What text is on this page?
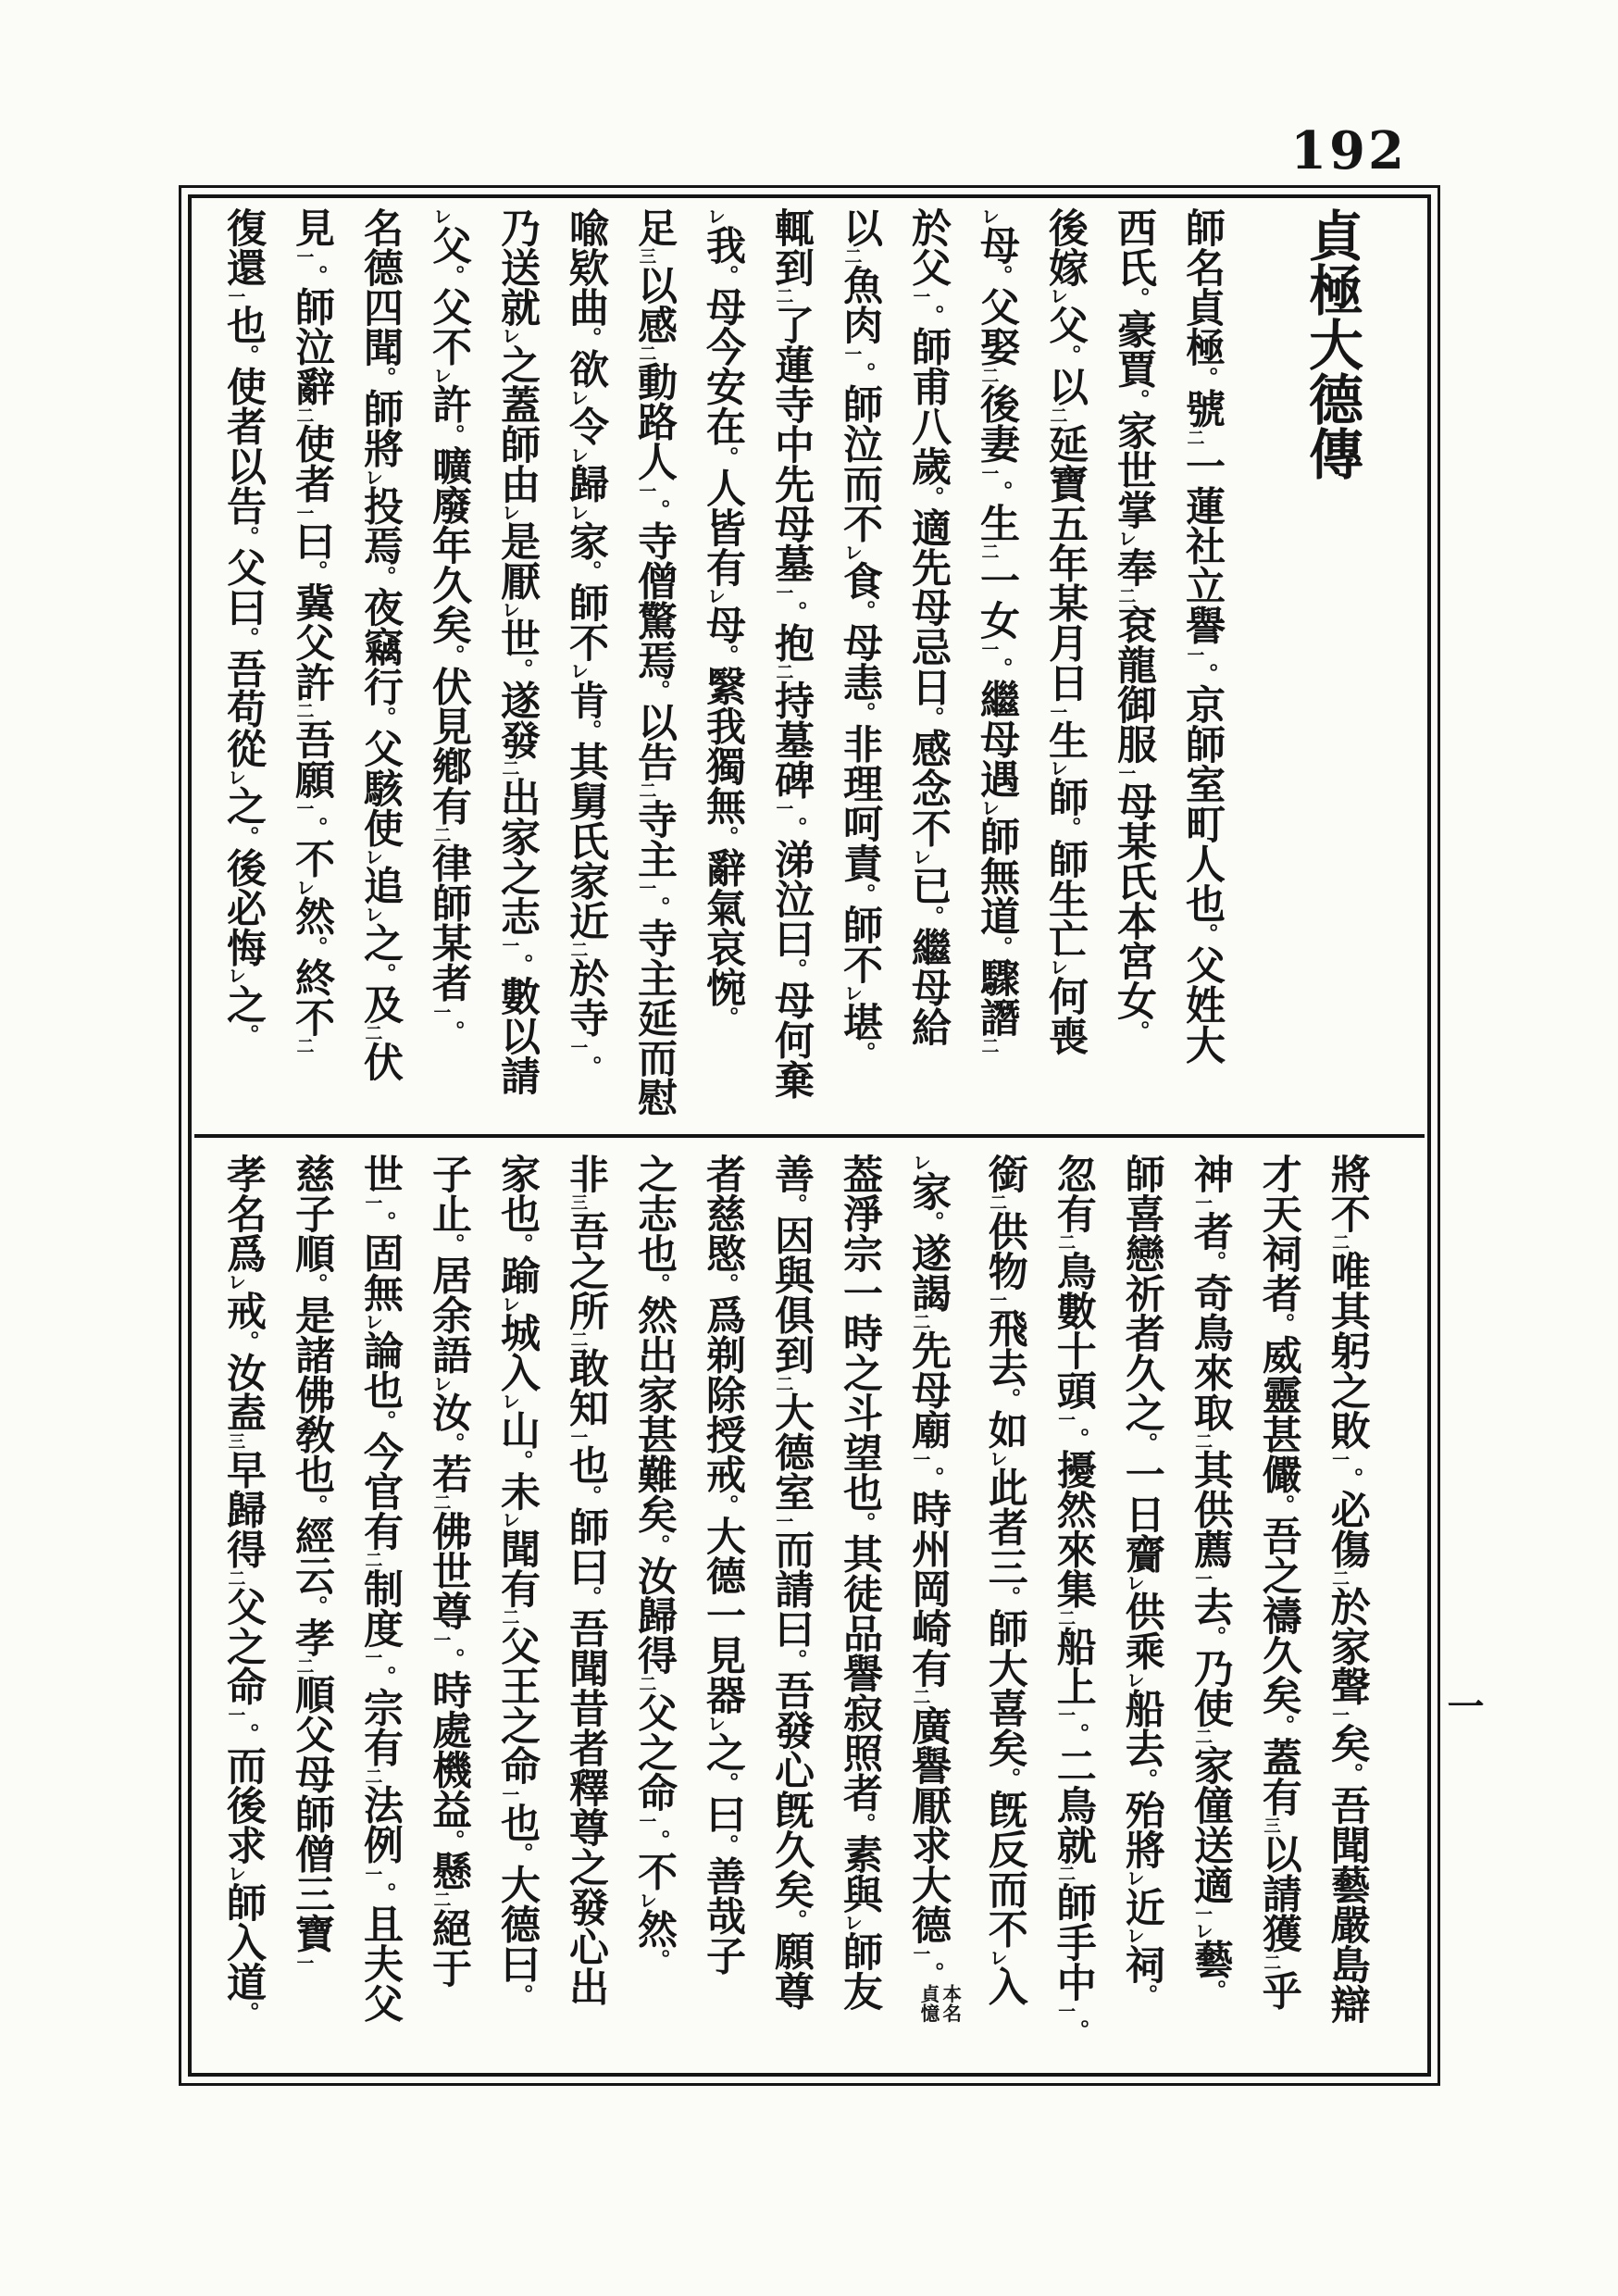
192
貞極大德傳
師名貞極。號㆓一蓮社立譽㆒。京師室町人也。父姓大
西氏。豪賈。家世掌㆑奉㆓袞龍御服㆒母某氏本宮女。
後嫁㆑父。以㆓延寶五年某月日㆒生㆑師。師生亡㆑何喪
㆑母。父娶㆓後妻㆒。生㆓一女㆒。繼母遇㆑師無道。驟譖㆓
於父㆒。師甫八歲。適先母忌日。感念不㆑已。繼母給
以㆓魚肉㆒。師泣而不㆑食。母恚。非理呵責。師不㆑堪。
輒到㆓了蓮寺中先母墓㆒。抱㆓持墓碑㆒。涕泣曰。母何棄
㆑我。母今安在。人皆有㆑母。繄我獨無。辭氣哀惋。
足㆔以感㆓動路人㆒。寺僧驚焉。以告㆓寺主㆒。寺主延而慰
喩欵曲。欲㆑令㆑歸㆑家。師不㆑肯。其舅氏家近㆓於寺㆒。
乃送就㆑之蓋師由㆑是厭㆑世。遂發㆓出家之志㆒。數以請
㆑父。父不㆑許。曠廢年久矣。伏見鄕有㆓律師某者㆒。
名德四聞。師將㆑投焉。夜竊行。父駭使㆑追㆑之。及㆓伏
見㆒。師泣辭㆓使者㆒曰。冀父許㆓吾願㆒。不㆑然。終不㆓
復還㆒也。使者以告。父曰。吾苟從㆑之。後必悔㆑之。
將不㆓唯其躬之敗㆒。必傷㆓於家聲㆒矣。吾聞藝嚴島辯
才天祠者。威靈甚儼。吾之禱久矣。蓋有㆔以請獲㆓乎
神㆒者。奇鳥來取㆓其供薦㆒去。乃使㆓家僮送適㆒㆑藝。
師喜戀祈者久之。一日齎㆑供乘㆑船去。殆將㆑近㆑祠。
忽有㆓鳥數十頭㆒。擾然來集㆓船上㆒。二鳥就㆓師手中㆒。
銜㆓供物㆒飛去。如㆑此者三。師大喜矣。旣反而不㆑入
㆑家。遂謁㆓先母廟㆒。時州岡崎有㆓廣譽厭求大德㆒。
本名
貞憶
葢淨宗一時之斗望也。其徒品譽寂照者。素與㆑師友
善。因與俱到㆓大德室㆒而請曰。吾發心旣久矣。願尊
者慈愍。爲剃除授戒。大德一見器㆑之。曰。善哉子
之志也。然出家甚難矣。汝歸得㆓父之命㆒。不㆑然。
非㆔吾之所㆓敢知㆒也。師曰。吾聞昔者釋尊之發心出
家也。踰㆑城入㆑山。未㆑聞有㆓父王之命㆒也。大德曰。
子止。居余語㆑汝。若㆓佛世尊㆒。時處機益。懸㆓絕于
世㆒。固無㆑論也。今官有㆓制度㆒。宗有㆓法例㆒。且夫父
慈子順。是諸佛敎也。經云。孝㆓順父母師僧三寶㆒
孝名爲㆑戒。汝盍㆔早歸得㆓父之命㆒。而後求㆑師入道。
一
